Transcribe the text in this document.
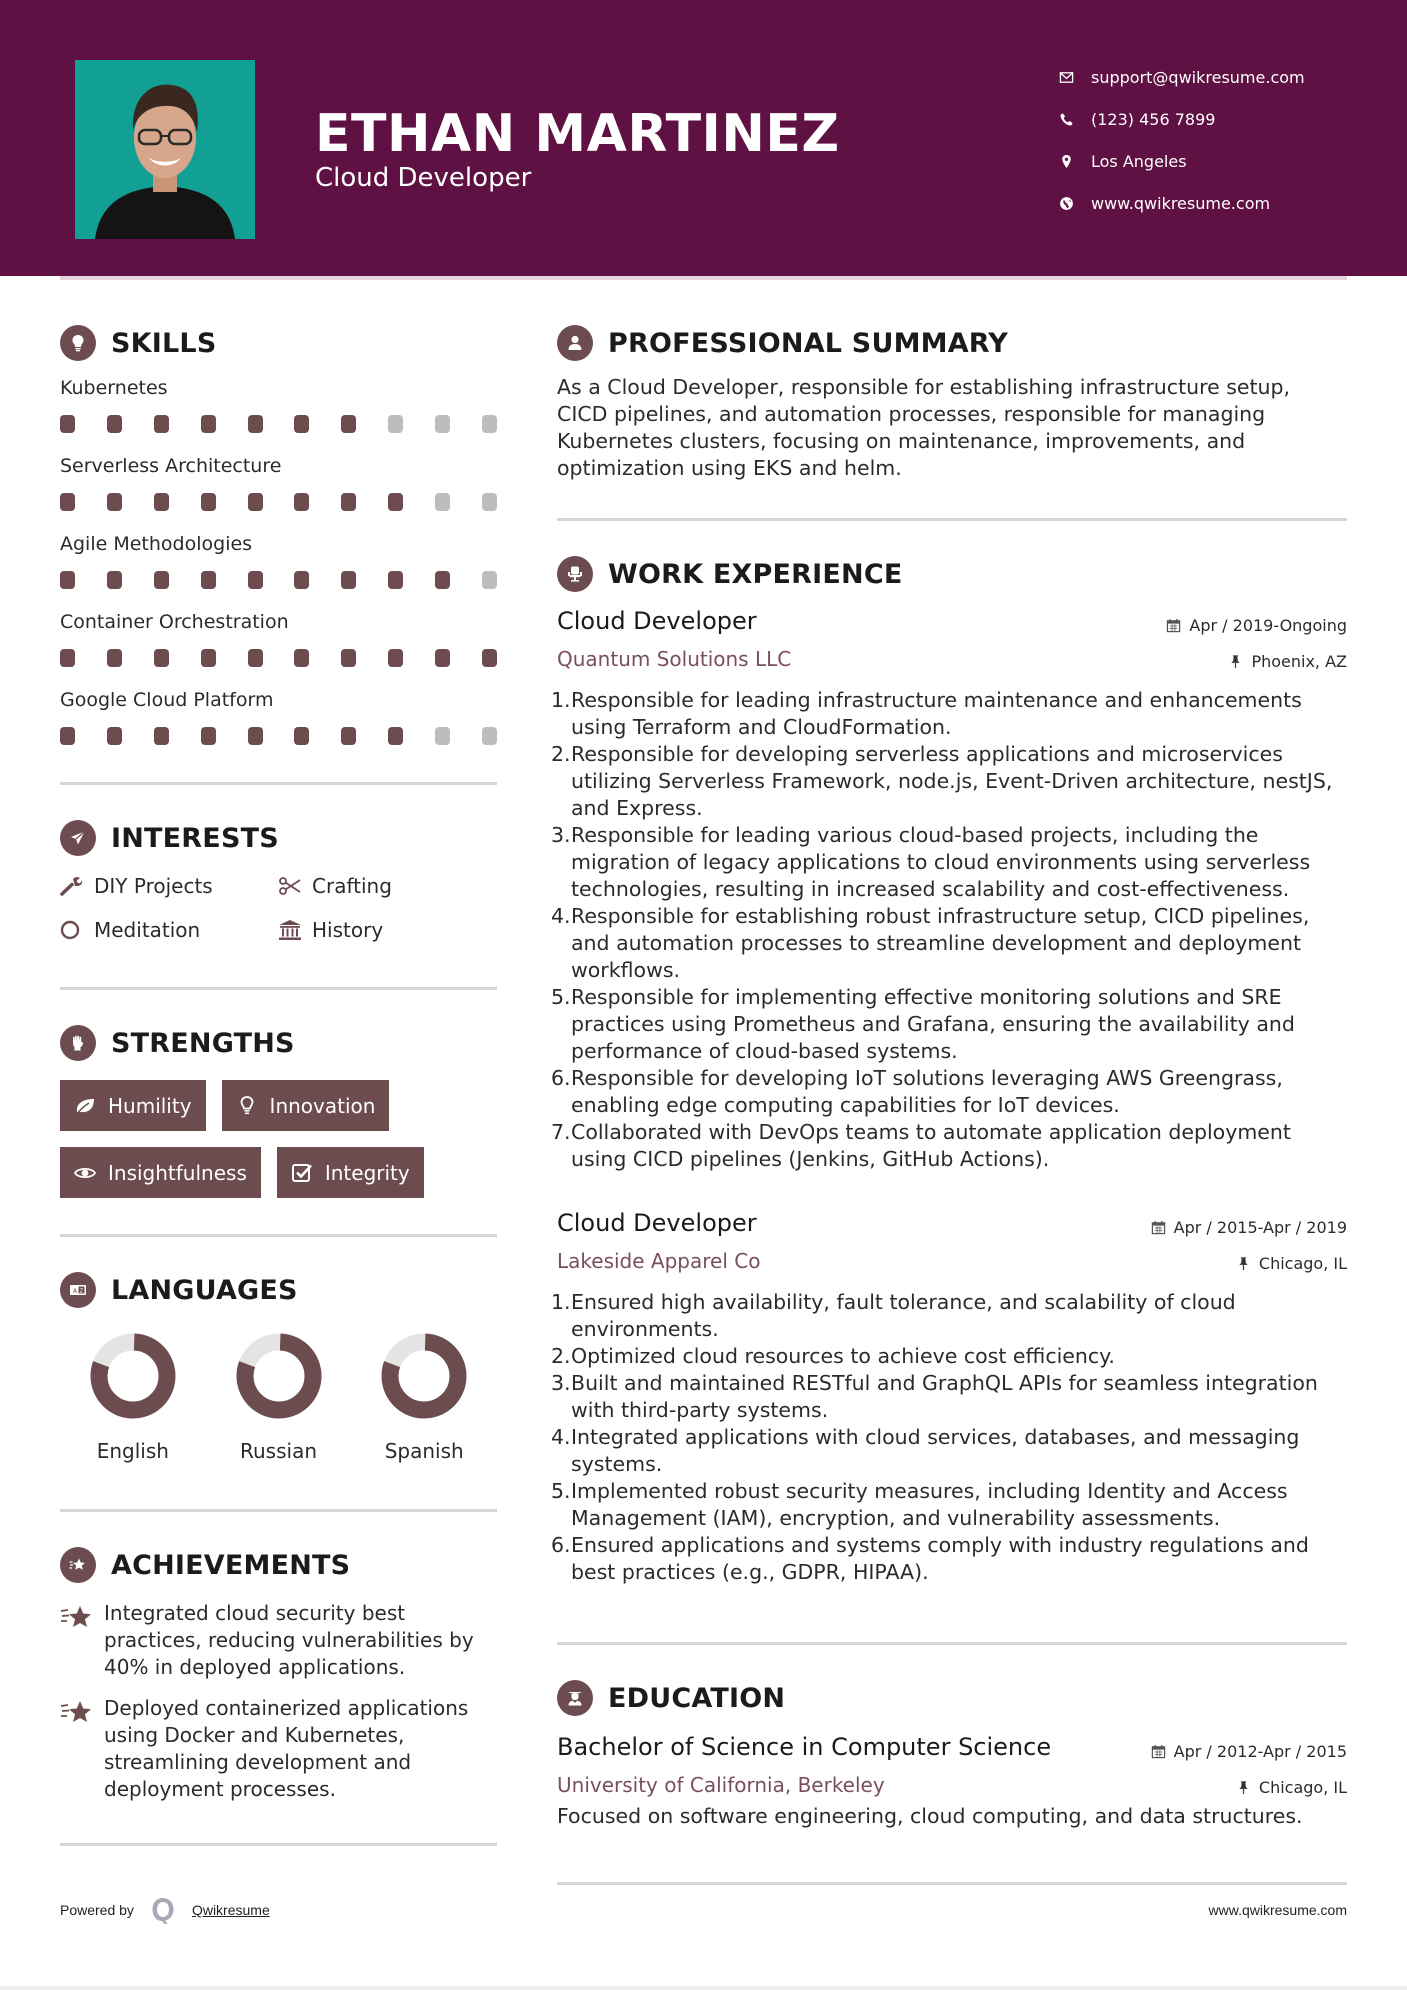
ETHAN MARTINEZ
Cloud Developer
support@qwikresume.com
(123) 456 7899
Los Angeles
www.qwikresume.com
SKILLS
Kubernetes
Serverless Architecture
Agile Methodologies
Container Orchestration
Google Cloud Platform
INTERESTS
DIY Projects	Crafting
Meditation	History
STRENGTHS
Humility	Innovation
Insightfulness	Integrity
A Z LANGUAGES
English	Russian	Spanish
ACHIEVEMENTS
Integrated cloud security best practices, reducing vulnerabilities by 40% in deployed applications.
Deployed containerized applications using Docker and Kubernetes, streamlining development and deployment processes.
PROFESSIONAL SUMMARY

As a Cloud Developer, responsible for establishing infrastructure setup, CICD pipelines, and automation processes, responsible for managing Kubernetes clusters, focusing on maintenance, improvements, and optimization using EKS and helm.

WORK EXPERIENCE
Cloud Developer	Apr / 2019-Ongoing
Quantum Solutions LLC	Phoenix, AZ
1. Responsible for leading infrastructure maintenance and enhancements using Terraform and CloudFormation.
2. Responsible for developing serverless applications and microservices utilizing Serverless Framework, node.js, Event-Driven architecture, nestJS, and Express.
3. Responsible for leading various cloud-based projects, including the migration of legacy applications to cloud environments using serverless technologies, resulting in increased scalability and cost-effectiveness.
4. Responsible for establishing robust infrastructure setup, CICD pipelines, and automation processes to streamline development and deployment workflows.
5. Responsible for implementing effective monitoring solutions and SRE practices using Prometheus and Grafana, ensuring the availability and performance of cloud-based systems.
6. Responsible for developing IoT solutions leveraging AWS Greengrass, enabling edge computing capabilities for IoT devices.
7. Collaborated with DevOps teams to automate application deployment using CICD pipelines (Jenkins, GitHub Actions).
Cloud Developer	Apr / 2015-Apr / 2019
Lakeside Apparel Co	Chicago, IL
1. Ensured high availability, fault tolerance, and scalability of cloud environments.
2. Optimized cloud resources to achieve cost efficiency.
3. Built and maintained RESTful and GraphQL APIs for seamless integration with third-party systems.
4. Integrated applications with cloud services, databases, and messaging systems.
5. Implemented robust security measures, including Identity and Access Management (IAM), encryption, and vulnerability assessments.
6. Ensured applications and systems comply with industry regulations and best practices (e.g., GDPR, HIPAA).
EDUCATION
Bachelor of Science in Computer Science	Apr / 2012-Apr / 2015
University of California, Berkeley	Chicago, IL

Focused on software engineering, cloud computing, and data structures.

Powered by	Qwikresume	www.qwikresume.com
